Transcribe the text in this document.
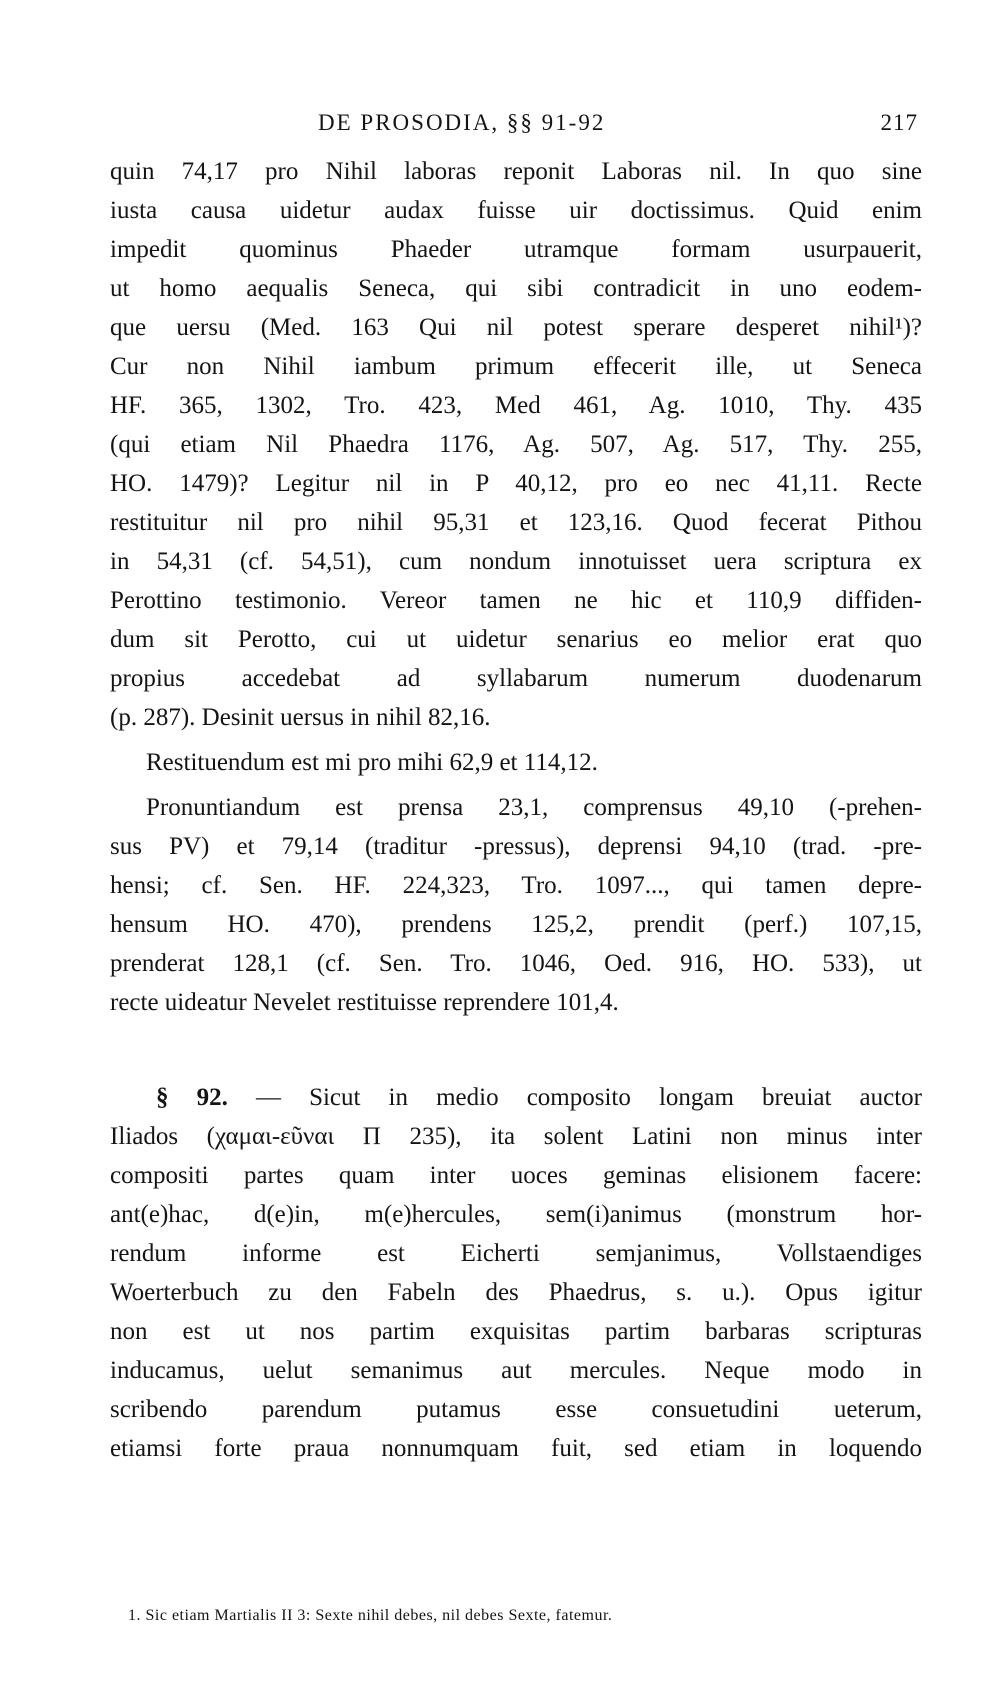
DE PROSODIA, §§ 91-92	217
quin 74,17 pro Nihil laboras reponit Laboras nil. In quo sine
iusta causa uidetur audax fuisse uir doctissimus. Quid enim
impedit quominus Phaeder utramque formam usurpauerit,
ut homo aequalis Seneca, qui sibi contradicit in uno eodem-
que uersu (Med. 163 Qui nil potest sperare desperet nihil¹)?
Cur non Nihil iambum primum effecerit ille, ut Seneca
HF. 365, 1302, Tro. 423, Med 461, Ag. 1010, Thy. 435
(qui etiam Nil Phaedra 1176, Ag. 507, Ag. 517, Thy. 255,
HO. 1479)? Legitur nil in P 40,12, pro eo nec 41,11. Recte
restituitur nil pro nihil 95,31 et 123,16. Quod fecerat Pithou
in 54,31 (cf. 54,51), cum nondum innotuisset uera scriptura ex
Perottino testimonio. Vereor tamen ne hic et 110,9 diffiden-
dum sit Perotto, cui ut uidetur senarius eo melior erat quo
propius accedebat ad syllabarum numerum duodenarum
(p. 287). Desinit uersus in nihil 82,16.
Restituendum est mi pro mihi 62,9 et 114,12.
Pronuntiandum est prensa 23,1, comprensus 49,10 (-prehen-
sus PV) et 79,14 (traditur -pressus), deprensi 94,10 (trad. -pre-
hensi; cf. Sen. HF. 224,323, Tro. 1097..., qui tamen depre-
hensum HO. 470), prendens 125,2, prendit (perf.) 107,15,
prenderat 128,1 (cf. Sen. Tro. 1046, Oed. 916, HO. 533), ut
recte uideatur Nevelet restituisse reprendere 101,4.
§ 92. — Sicut in medio composito longam breuiat auctor
Iliados (χαμαι-εῦναι Π 235), ita solent Latini non minus inter
compositi partes quam inter uoces geminas elisionem facere:
ant(e)hac, d(e)in, m(e)hercules, sem(i)animus (monstrum hor-
rendum informe est Eicherti semjanimus, Vollstaendiges
Woerterbuch zu den Fabeln des Phaedrus, s. u.). Opus igitur
non est ut nos partim exquisitas partim barbaras scripturas
inducamus, uelut semanimus aut mercules. Neque modo in
scribendo parendum putamus esse consuetudini ueterum,
etiamsi forte praua nonnumquam fuit, sed etiam in loquendo
1. Sic etiam Martialis II 3: Sexte nihil debes, nil debes Sexte, fatemur.
